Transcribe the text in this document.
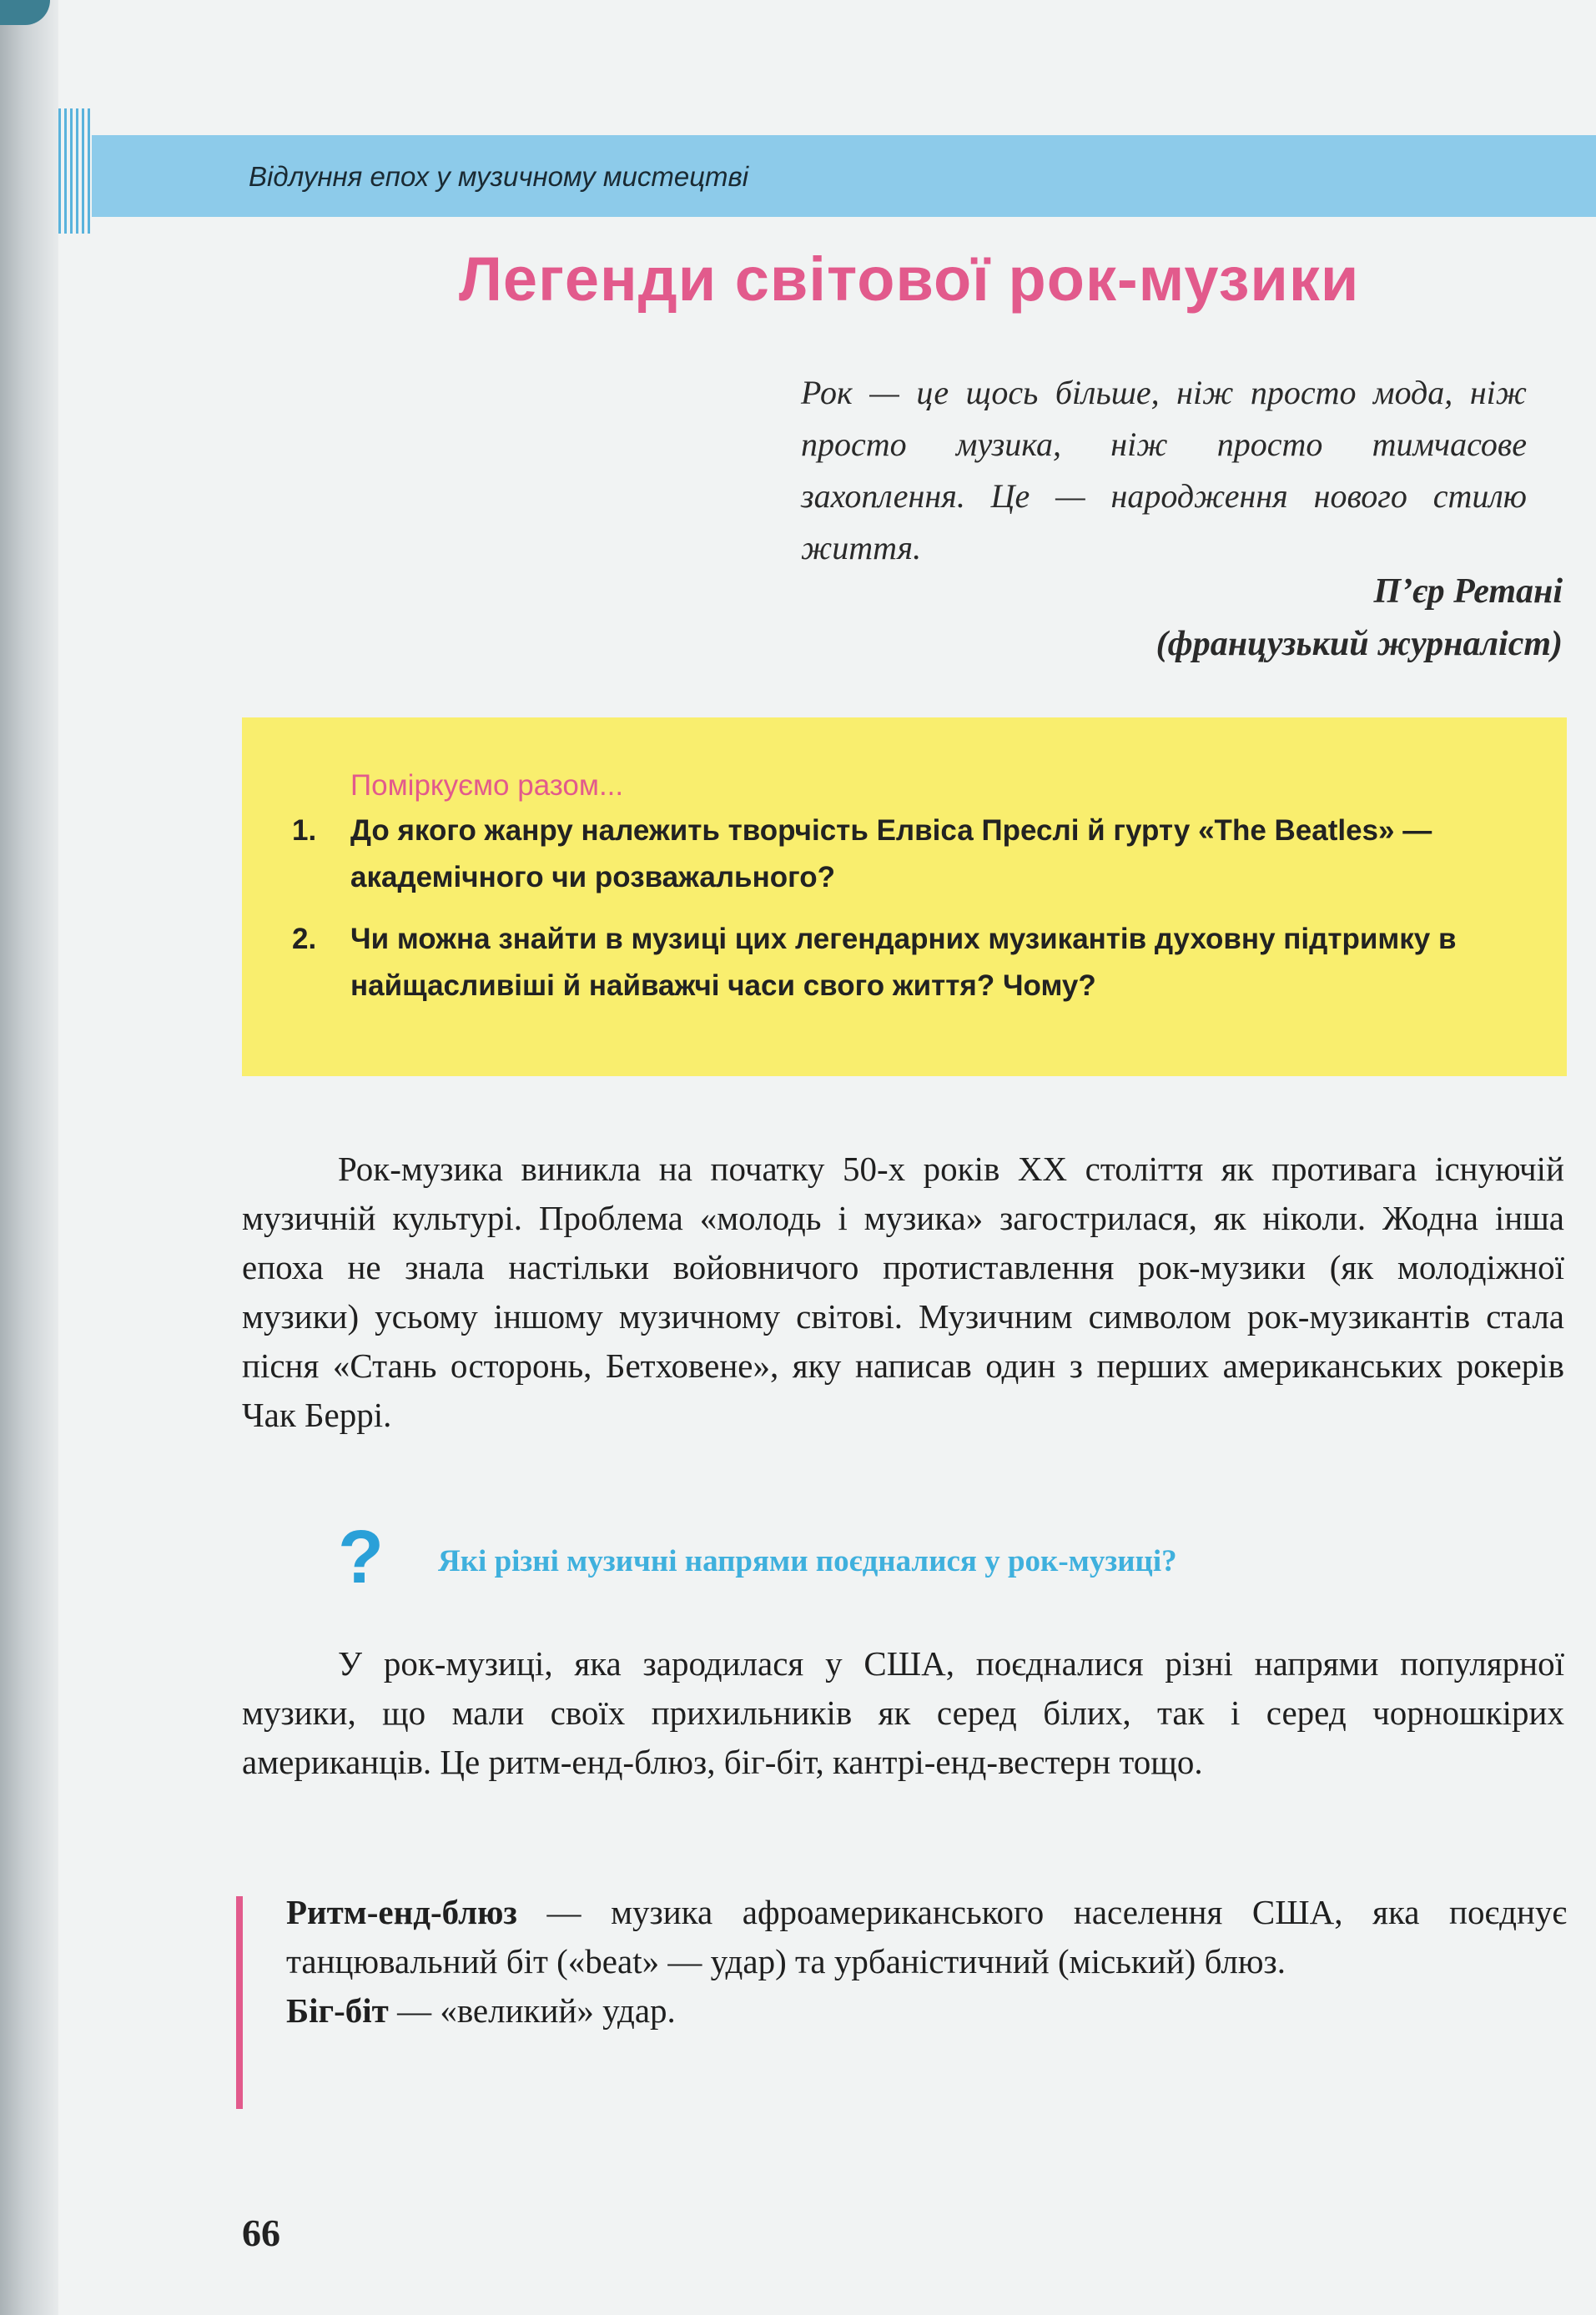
Відлуння епох у музичному мистецтві

Легенди світової рок-музики

Рок — це щось більше, ніж просто мода, ніж просто музика, ніж просто тимчасове захоплення. Це — народження нового стилю життя.

П’єр Ретані

(французький журналіст)

Поміркуємо разом...

1. До якого жанру належить творчість Елвіса Преслі й гурту «The Beatles» — академічного чи розважального?
2. Чи можна знайти в музиці цих легендарних музикантів духовну підтримку в найщасливіші й найважчі часи свого життя? Чому?

Рок-музика виникла на початку 50-х років XX століття як противага існуючій музичній культурі. Проблема «молодь і музика» загострилася, як ніколи. Жодна інша епоха не знала настільки войовничого протиставлення рок-музики (як молодіжної музики) усьому іншому музичному світові. Музичним символом рок-музикантів стала пісня «Стань осторонь, Бетховене», яку написав один з перших американських рокерів Чак Беррі.

? Які різні музичні напрями поєдналися у рок-музиці?

У рок-музиці, яка зародилася у США, поєдналися різні напрями популярної музики, що мали своїх прихильників як серед білих, так і серед чорношкірих американців. Це ритм-енд-блюз, біг-біт, кантрі-енд-вестерн тощо.

Ритм-енд-блюз — музика афроамериканського населення США, яка поєднує танцювальний біт («beat» — удар) та урбаністичний (міський) блюз.
Біг-біт — «великий» удар.

66
